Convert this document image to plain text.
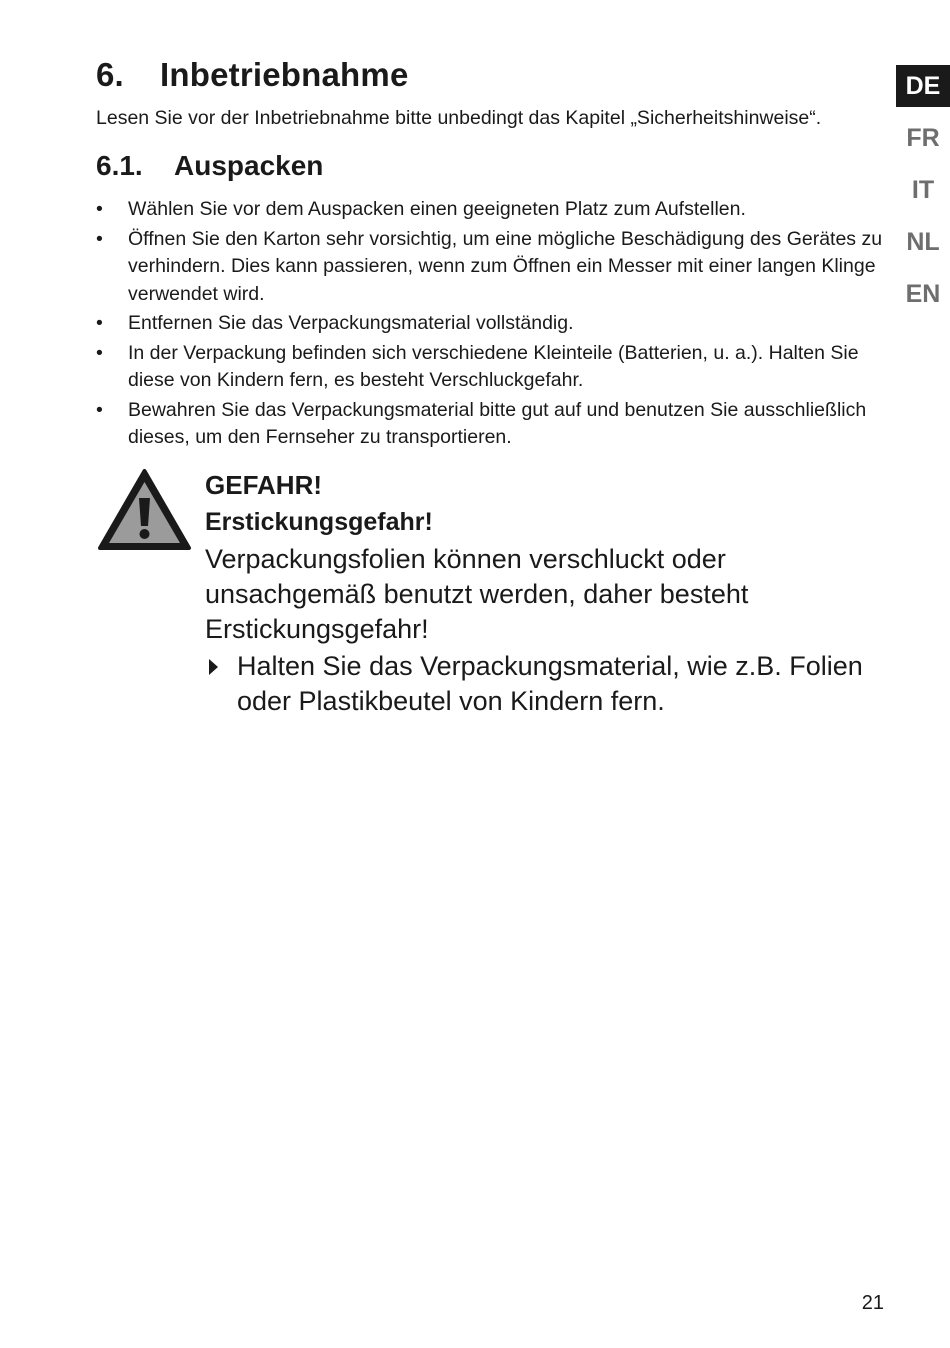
6. Inbetriebnahme

Lesen Sie vor der Inbetriebnahme bitte unbedingt das Kapitel „Sicherheitshinweise“.

6.1. Auspacken
•	Wählen Sie vor dem Auspacken einen geeigneten Platz zum Aufstellen.
•	Öffnen Sie den Karton sehr vorsichtig, um eine mögliche Beschädigung des Gerätes zu verhindern. Dies kann passieren, wenn zum Öffnen ein Messer mit einer langen Klinge verwendet wird.
•	Entfernen Sie das Verpackungsmaterial vollständig.
•	In der Verpackung befinden sich verschiedene Kleinteile (Batterien, u. a.). Halten Sie diese von Kindern fern, es besteht Verschluckgefahr.
•	Bewahren Sie das Verpackungsmaterial bitte gut auf und benutzen Sie ausschließlich dieses, um den Fernseher zu transportieren.
GEFAHR!
Erstickungsgefahr!
Verpackungsfolien können verschluckt oder unsachgemäß benutzt werden, daher besteht Erstickungsgefahr!
Halten Sie das Verpackungsmaterial, wie z.B. Folien oder Plastikbeutel von Kindern fern.
DE
FR
IT
NL
EN
21
